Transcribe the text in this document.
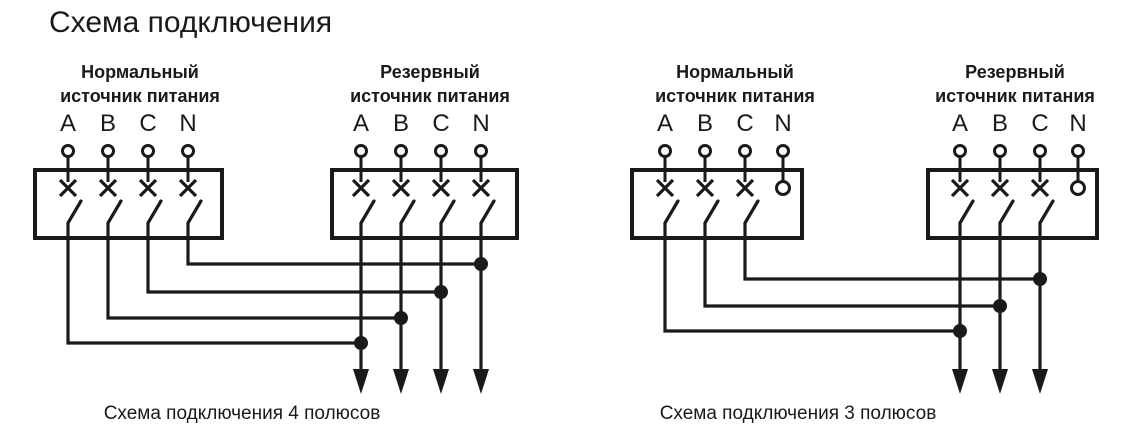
Схема подключения
Нормальный
источник питания
Резервный
источник питания
Нормальный
источник питания
Резервный
источник питания
Схема подключения 4 полюсов	Схема подключения 3 полюсов
A B C N	A B C N	A B C N	A B C N
